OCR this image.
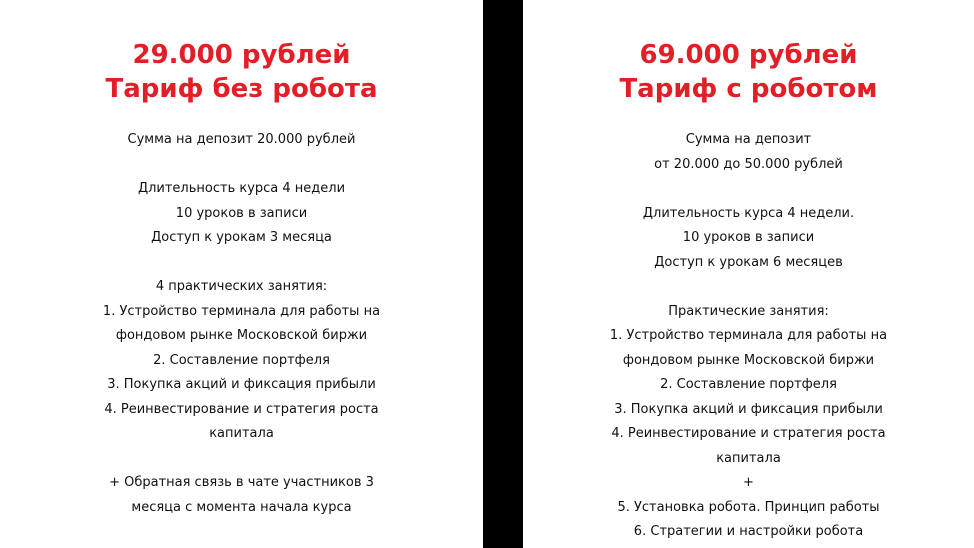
29.000 рублей
Тариф без робота
Сумма на депозит 20.000 рублей
Длительность курса 4 недели
10 уроков в записи
Доступ к урокам 3 месяца
4 практических занятия:
1. Устройство терминала для работы на
фондовом рынке Московской биржи
2. Составление портфеля
3. Покупка акций и фиксация прибыли
4. Реинвестирование и стратегия роста
капитала
+ Обратная связь в чате участников 3
месяца с момента начала курса
69.000 рублей
Тариф с роботом
Сумма на депозит
от 20.000 до 50.000 рублей
Длительность курса 4 недели.
10 уроков в записи
Доступ к урокам 6 месяцев
Практические занятия:
1. Устройство терминала для работы на
фондовом рынке Московской биржи
2. Составление портфеля
3. Покупка акций и фиксация прибыли
4. Реинвестирование и стратегия роста
капитала
+
5. Установка робота. Принцип работы
6. Стратегии и настройки робота
